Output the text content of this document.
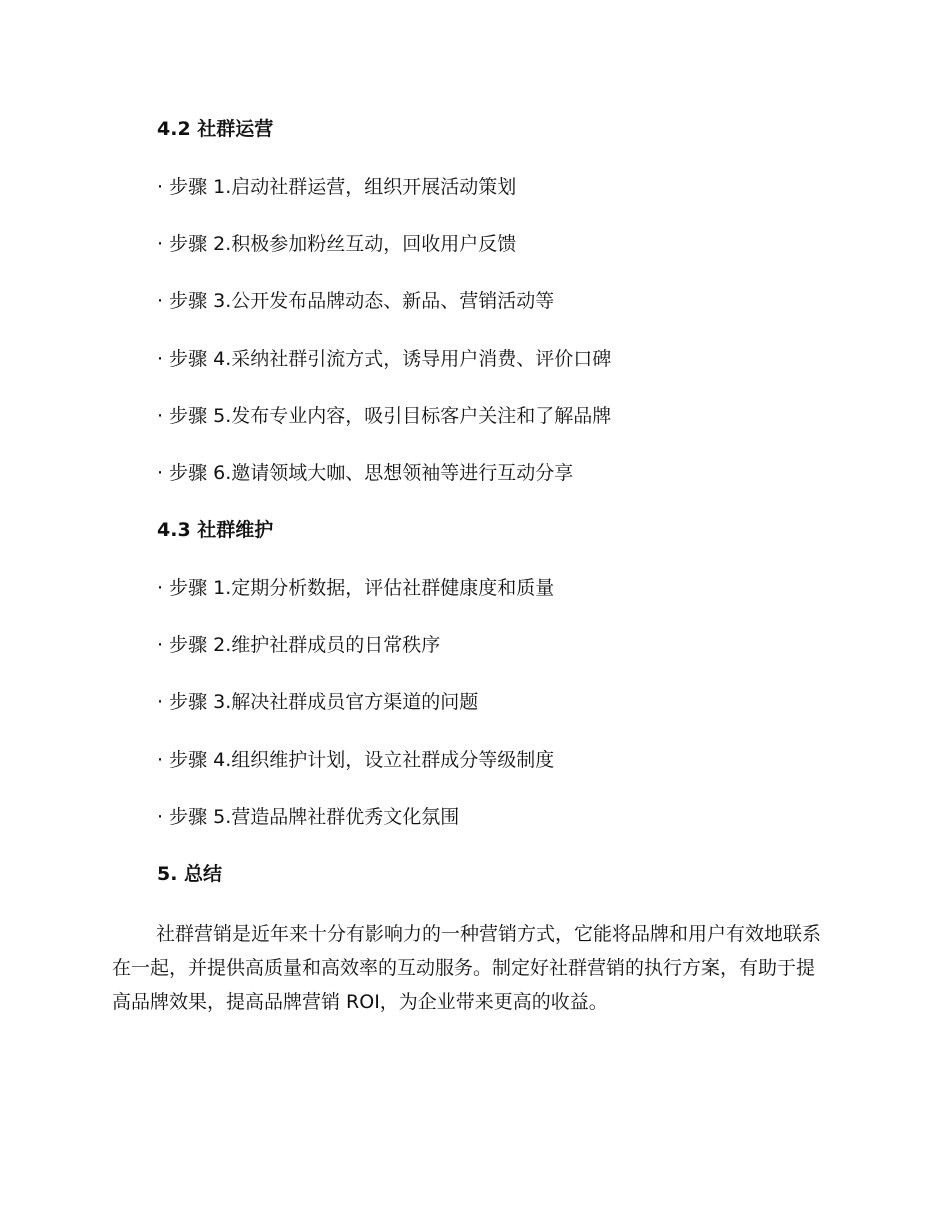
4.2 社群运营
· 步骤 1.启动社群运营，组织开展活动策划
· 步骤 2.积极参加粉丝互动，回收用户反馈
· 步骤 3.公开发布品牌动态、新品、营销活动等
· 步骤 4.采纳社群引流方式，诱导用户消费、评价口碑
· 步骤 5.发布专业内容，吸引目标客户关注和了解品牌
· 步骤 6.邀请领域大咖、思想领袖等进行互动分享
4.3 社群维护
· 步骤 1.定期分析数据，评估社群健康度和质量
· 步骤 2.维护社群成员的日常秩序
· 步骤 3.解决社群成员官方渠道的问题
· 步骤 4.组织维护计划，设立社群成分等级制度
· 步骤 5.营造品牌社群优秀文化氛围
5. 总结

社群营销是近年来十分有影响力的一种营销方式，它能将品牌和用户有效地联系在一起，并提供高质量和高效率的互动服务。制定好社群营销的执行方案，有助于提高品牌效果，提高品牌营销 ROI，为企业带来更高的收益。
